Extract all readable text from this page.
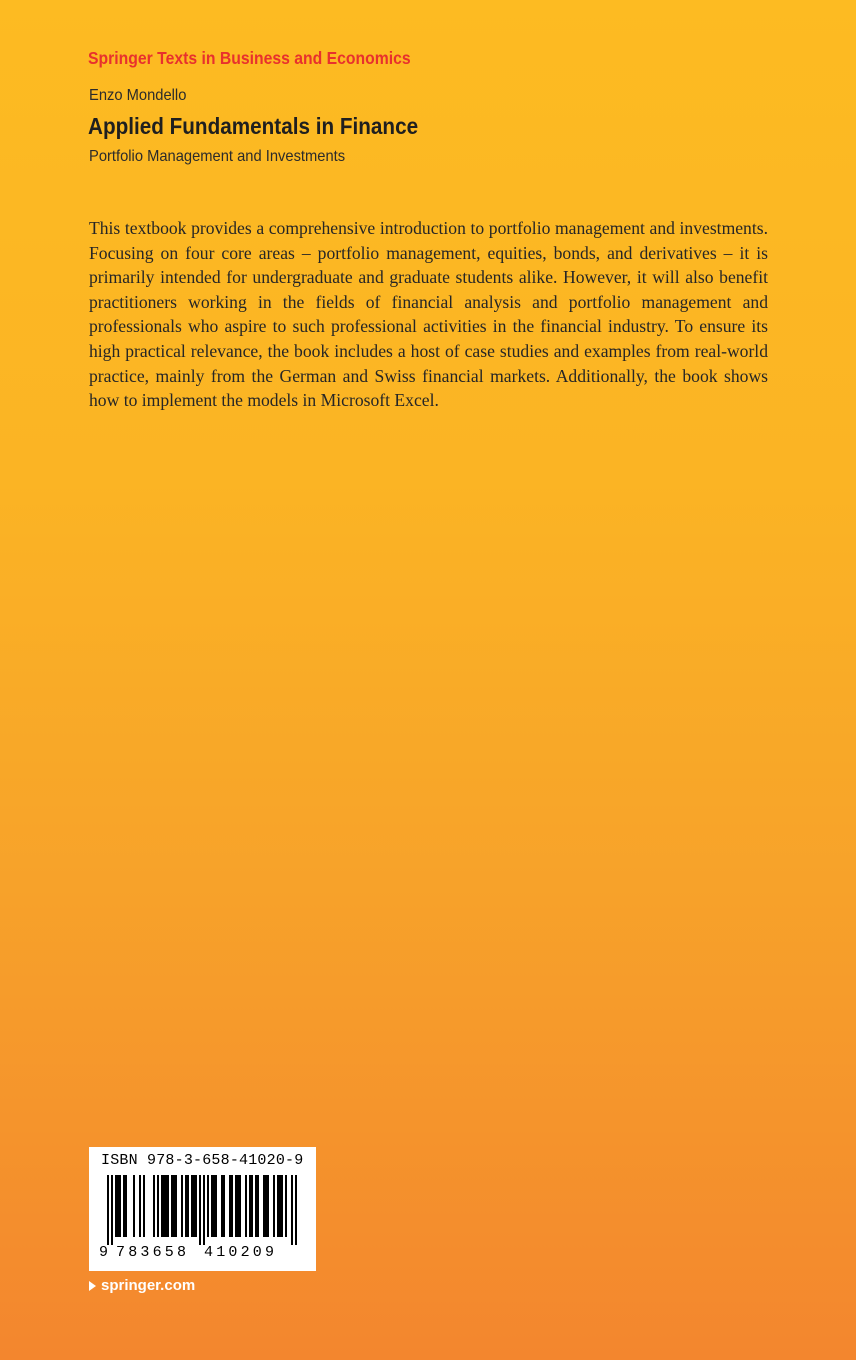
Springer Texts in Business and Economics
Enzo Mondello
Applied Fundamentals in Finance
Portfolio Management and Investments

This textbook provides a comprehensive introduction to portfolio management and investments. Focusing on four core areas – portfolio management, equities, bonds, and derivatives – it is primarily intended for undergraduate and graduate students alike. However, it will also benefit practitioners working in the fields of financial analysis and portfolio management and professionals who aspire to such professional activities in the financial industry. To ensure its high practical relevance, the book includes a host of case studies and examples from real-world practice, mainly from the German and Swiss financial markets. Additionally, the book shows how to implement the models in Microsoft Excel.

ISBN 978-3-658-41020-9
9 783658 410209
springer.com
